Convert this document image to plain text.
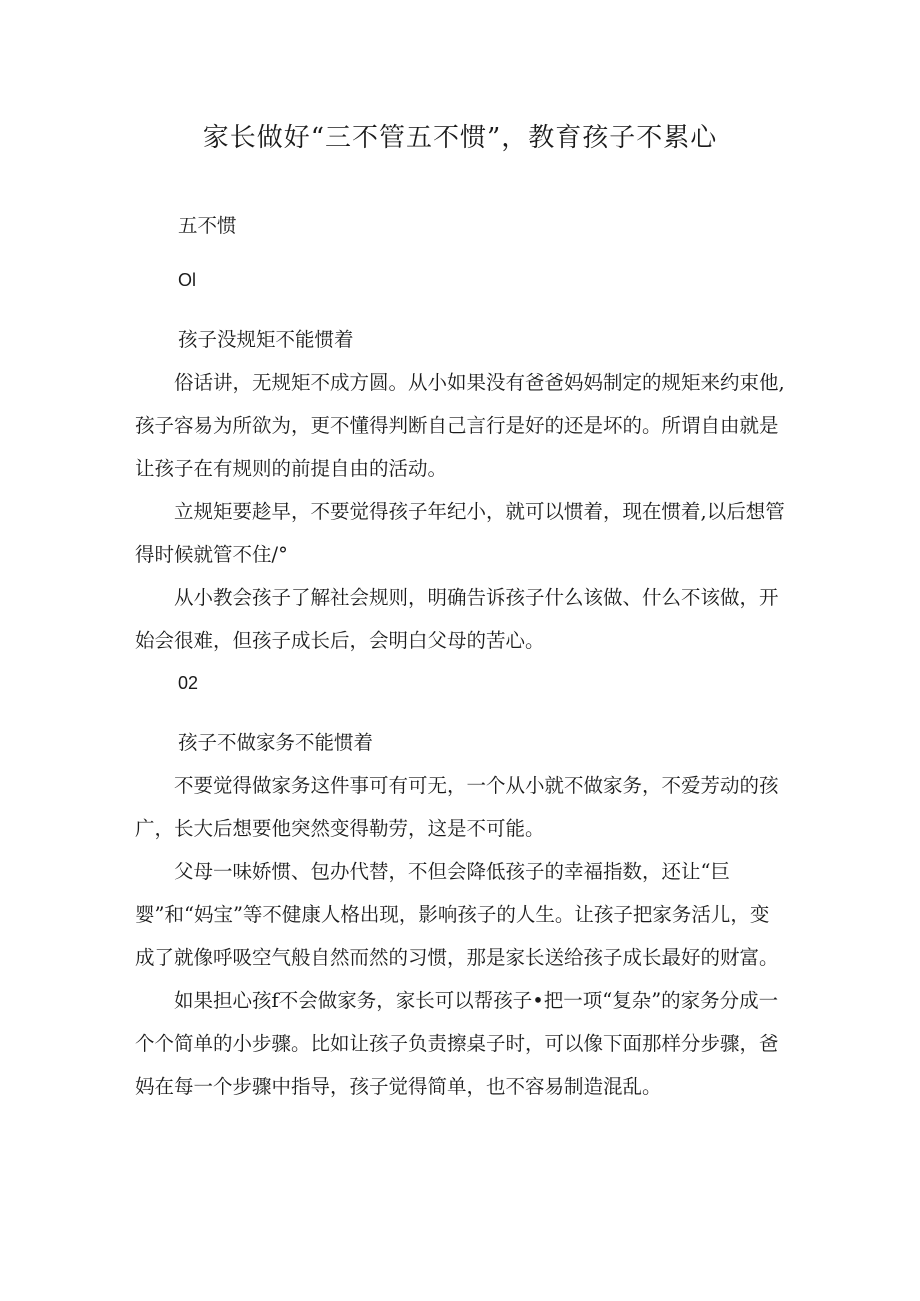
家长做好“三不管五不惯”，教育孩子不累心
五不惯
Ol
孩子没规矩不能惯着

俗话讲，无规矩不成方圆。从小如果没有爸爸妈妈制定的规矩来约束他,孩子容易为所欲为，更不懂得判断自己言行是好的还是坏的。所谓自由就是让孩子在有规则的前提自由的活动。

立规矩要趁早，不要觉得孩子年纪小，就可以惯着，现在惯着,以后想管得时候就管不住/°

从小教会孩子了解社会规则，明确告诉孩子什么该做、什么不该做，开始会很难，但孩子成长后，会明白父母的苦心。

02
孩子不做家务不能惯着

不要觉得做家务这件事可有可无，一个从小就不做家务，不爱芳动的孩广，长大后想要他突然变得勒劳，这是不可能。

父母一味娇惯、包办代替，不但会降低孩子的幸福指数，还让“巨婴”和“妈宝”等不健康人格出现，影响孩子的人生。让孩子把家务活儿，变成了就像呼吸空气般自然而然的习惯，那是家长送给孩子成长最好的财富。

如果担心孩f不会做家务，家长可以帮孩子•把一项“复杂”的家务分成一个个简单的小步骤。比如让孩子负责擦桌子时，可以像下面那样分步骤，爸妈在每一个步骤中指导，孩子觉得简单，也不容易制造混乱。
